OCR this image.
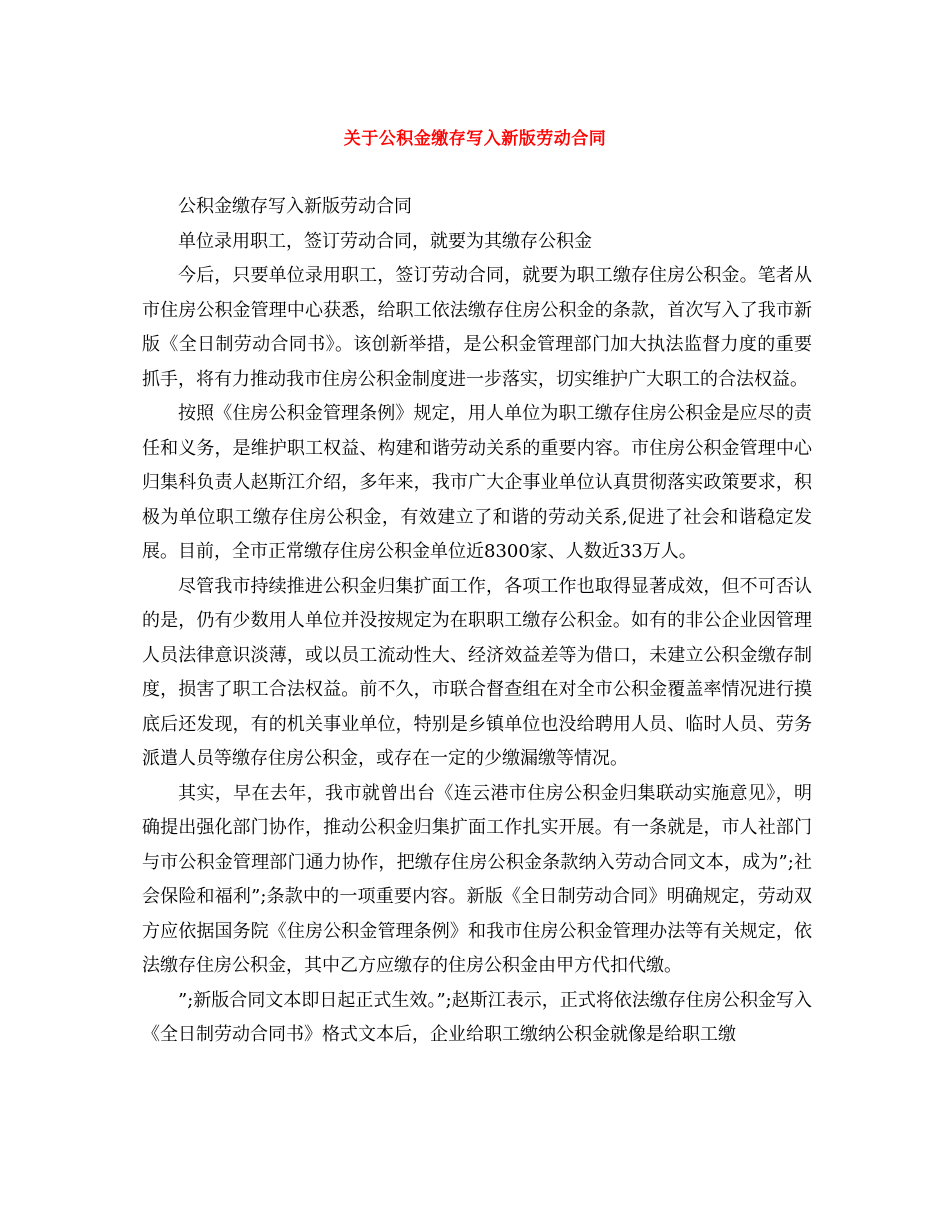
关于公积金缴存写入新版劳动合同

公积金缴存写入新版劳动合同

单位录用职工，签订劳动合同，就要为其缴存公积金

今后，只要单位录用职工，签订劳动合同，就要为职工缴存住房公积金。笔者从市住房公积金管理中心获悉，给职工依法缴存住房公积金的条款，首次写入了我市新版《全日制劳动合同书》。该创新举措，是公积金管理部门加大执法监督力度的重要抓手，将有力推动我市住房公积金制度进一步落实，切实维护广大职工的合法权益。

按照《住房公积金管理条例》规定，用人单位为职工缴存住房公积金是应尽的责任和义务，是维护职工权益、构建和谐劳动关系的重要内容。市住房公积金管理中心归集科负责人赵斯江介绍，多年来，我市广大企事业单位认真贯彻落实政策要求，积极为单位职工缴存住房公积金，有效建立了和谐的劳动关系,促进了社会和谐稳定发展。目前，全市正常缴存住房公积金单位近8300家、人数近33万人。

尽管我市持续推进公积金归集扩面工作，各项工作也取得显著成效，但不可否认的是，仍有少数用人单位并没按规定为在职职工缴存公积金。如有的非公企业因管理人员法律意识淡薄，或以员工流动性大、经济效益差等为借口，未建立公积金缴存制度，损害了职工合法权益。前不久，市联合督查组在对全市公积金覆盖率情况进行摸底后还发现，有的机关事业单位，特别是乡镇单位也没给聘用人员、临时人员、劳务派遣人员等缴存住房公积金，或存在一定的少缴漏缴等情况。

其实，早在去年，我市就曾出台《连云港市住房公积金归集联动实施意见》，明确提出强化部门协作，推动公积金归集扩面工作扎实开展。有一条就是，市人社部门与市公积金管理部门通力协作，把缴存住房公积金条款纳入劳动合同文本，成为”;社会保险和福利”;条款中的一项重要内容。新版《全日制劳动合同》明确规定，劳动双方应依据国务院《住房公积金管理条例》和我市住房公积金管理办法等有关规定，依法缴存住房公积金，其中乙方应缴存的住房公积金由甲方代扣代缴。

”;新版合同文本即日起正式生效。”;赵斯江表示，正式将依法缴存住房公积金写入《全日制劳动合同书》格式文本后，企业给职工缴纳公积金就像是给职工缴
